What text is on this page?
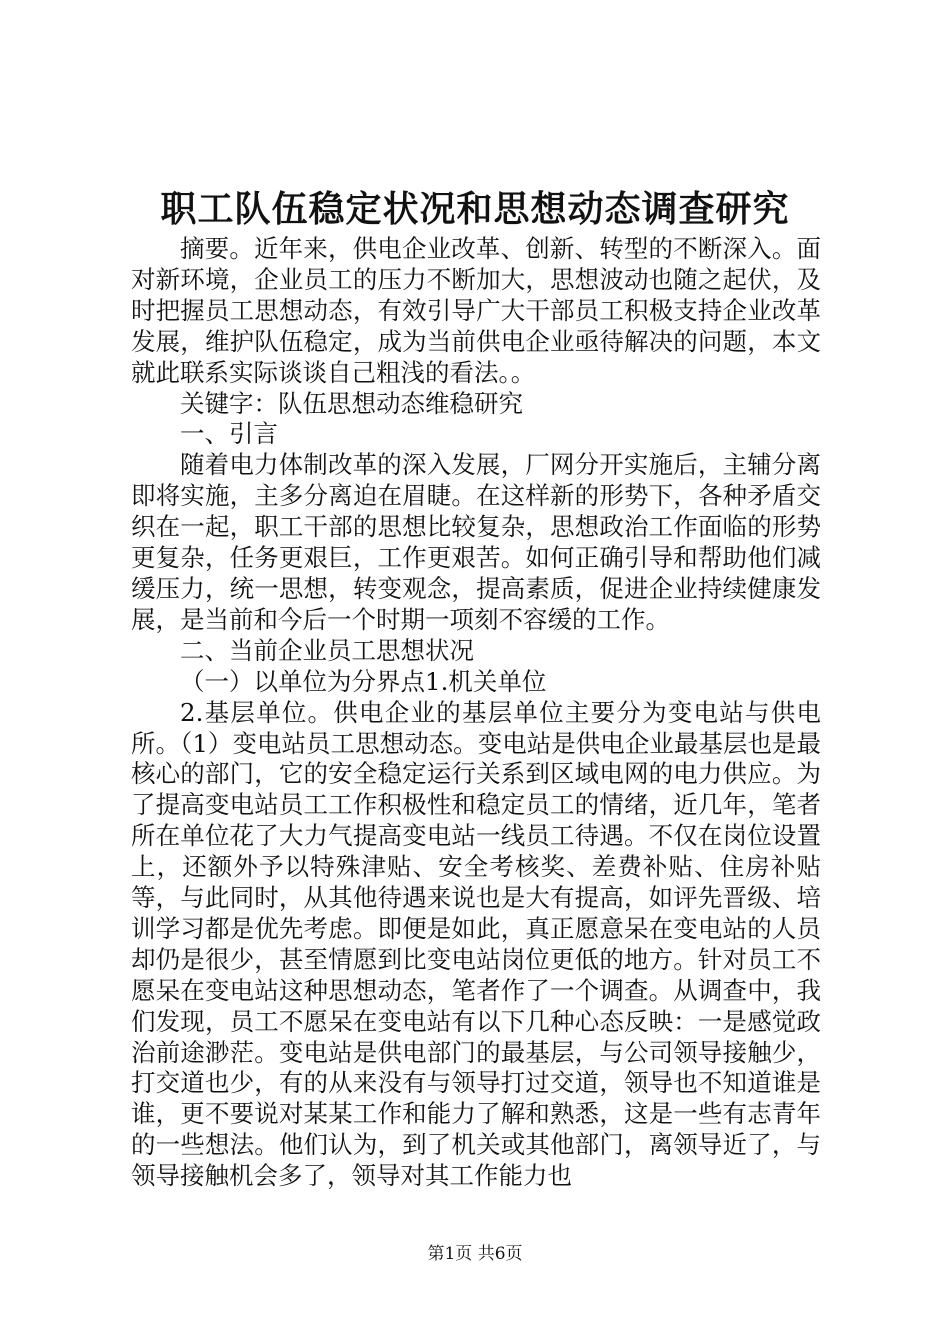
职工队伍稳定状况和思想动态调查研究

摘要。近年来，供电企业改革、创新、转型的不断深入。面对新环境，企业员工的压力不断加大，思想波动也随之起伏，及时把握员工思想动态，有效引导广大干部员工积极支持企业改革发展，维护队伍稳定，成为当前供电企业亟待解决的问题，本文就此联系实际谈谈自己粗浅的看法。。

关键字：队伍思想动态维稳研究

一、引言

随着电力体制改革的深入发展，厂网分开实施后，主辅分离即将实施，主多分离迫在眉睫。在这样新的形势下，各种矛盾交织在一起，职工干部的思想比较复杂，思想政治工作面临的形势更复杂，任务更艰巨，工作更艰苦。如何正确引导和帮助他们减缓压力，统一思想，转变观念，提高素质，促进企业持续健康发展，是当前和今后一个时期一项刻不容缓的工作。

二、当前企业员工思想状况

（一）以单位为分界点1.机关单位

2.基层单位。供电企业的基层单位主要分为变电站与供电所。（1）变电站员工思想动态。变电站是供电企业最基层也是最核心的部门，它的安全稳定运行关系到区域电网的电力供应。为了提高变电站员工工作积极性和稳定员工的情绪，近几年，笔者所在单位花了大力气提高变电站一线员工待遇。不仅在岗位设置上，还额外予以特殊津贴、安全考核奖、差费补贴、住房补贴等，与此同时，从其他待遇来说也是大有提高，如评先晋级、培训学习都是优先考虑。即便是如此，真正愿意呆在变电站的人员却仍是很少，甚至情愿到比变电站岗位更低的地方。针对员工不愿呆在变电站这种思想动态，笔者作了一个调查。从调查中，我们发现，员工不愿呆在变电站有以下几种心态反映：一是感觉政治前途渺茫。变电站是供电部门的最基层，与公司领导接触少，打交道也少，有的从来没有与领导打过交道，领导也不知道谁是谁，更不要说对某某工作和能力了解和熟悉，这是一些有志青年的一些想法。他们认为，到了机关或其他部门，离领导近了，与领导接触机会多了，领导对其工作能力也

第1页 共6页
